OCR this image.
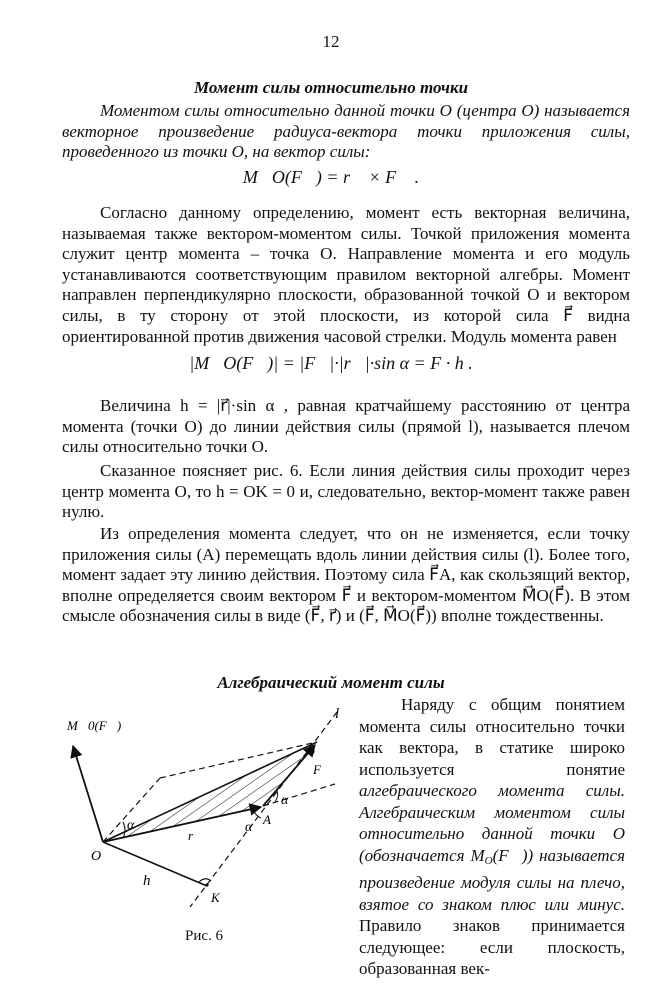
12
Момент силы относительно точки

Моментом силы относительно данной точки О (центра О) называется векторное произведение радиуса-вектора точки приложения силы, проведенного из точки О, на вектор силы:

M⃗O(F⃗) = r⃗ × F⃗ .

Согласно данному определению, момент есть векторная величина, называемая также вектором-моментом силы. Точкой приложения момента служит центр момента – точка O. Направление момента и его модуль устанавливаются соответствующим правилом векторной алгебры. Момент направлен перпендикулярно плоскости, образованной точкой O и вектором силы, в ту сторону от этой плоскости, из которой сила F⃗ видна ориентированной против движения часовой стрелки. Модуль момента равен

|M⃗O(F⃗)| = |F⃗|·|r⃗|·sin α = F · h .

Величина h = |r⃗|·sin α , равная кратчайшему расстоянию от центра момента (точки O) до линии действия силы (прямой l), называется плечом силы относительно точки O.

Сказанное поясняет рис. 6. Если линия действия силы проходит через центр момента O, то h = OK = 0 и, следовательно, вектор-момент также равен нулю.

Из определения момента следует, что он не изменяется, если точку приложения силы (A) перемещать вдоль линии действия силы (l). Более того, момент задает эту линию действия. Поэтому сила F⃗A, как скользящий вектор, вполне определяется своим вектором F⃗ и вектором-моментом M⃗O(F⃗). В этом смысле обозначения силы в виде (F⃗, r⃗) и (F⃗, M⃗O(F⃗)) вполне тождественны.

Алгебраический момент силы

Наряду с общим понятием момента силы относительно точки как вектора, в статике широко используется понятие алгебраического момента силы. Алгебраическим моментом силы относительно данной точки O (обозначается MO(F⃗)) называется произведение модуля силы на плечо, взятое со знаком плюс или минус. Правило знаков принимается следующее: если плоскость, образованная век-

M⃗0(F⃗)
l
B
F⃗
α
A
α
α
r⃗
O
h
K
Рис. 6
